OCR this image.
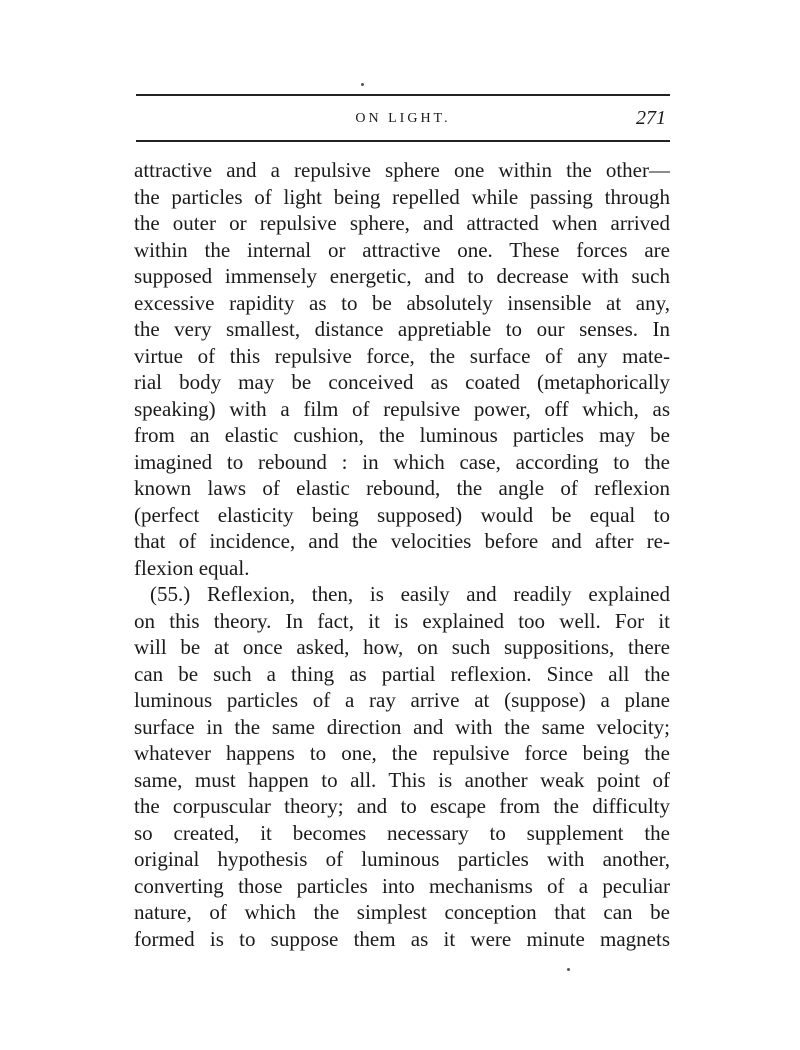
ON LIGHT.	271
attractive and a repulsive sphere one within the other—
the particles of light being repelled while passing through
the outer or repulsive sphere, and attracted when arrived
within the internal or attractive one. These forces are
supposed immensely energetic, and to decrease with such
excessive rapidity as to be absolutely insensible at any,
the very smallest, distance appretiable to our senses. In
virtue of this repulsive force, the surface of any mate-
rial body may be conceived as coated (metaphorically
speaking) with a film of repulsive power, off which, as
from an elastic cushion, the luminous particles may be
imagined to rebound : in which case, according to the
known laws of elastic rebound, the angle of reflexion
(perfect elasticity being supposed) would be equal to
that of incidence, and the velocities before and after re-
flexion equal.
(55.) Reflexion, then, is easily and readily explained
on this theory. In fact, it is explained too well. For it
will be at once asked, how, on such suppositions, there
can be such a thing as partial reflexion. Since all the
luminous particles of a ray arrive at (suppose) a plane
surface in the same direction and with the same velocity;
whatever happens to one, the repulsive force being the
same, must happen to all. This is another weak point of
the corpuscular theory; and to escape from the difficulty
so created, it becomes necessary to supplement the
original hypothesis of luminous particles with another,
converting those particles into mechanisms of a peculiar
nature, of which the simplest conception that can be
formed is to suppose them as it were minute magnets
